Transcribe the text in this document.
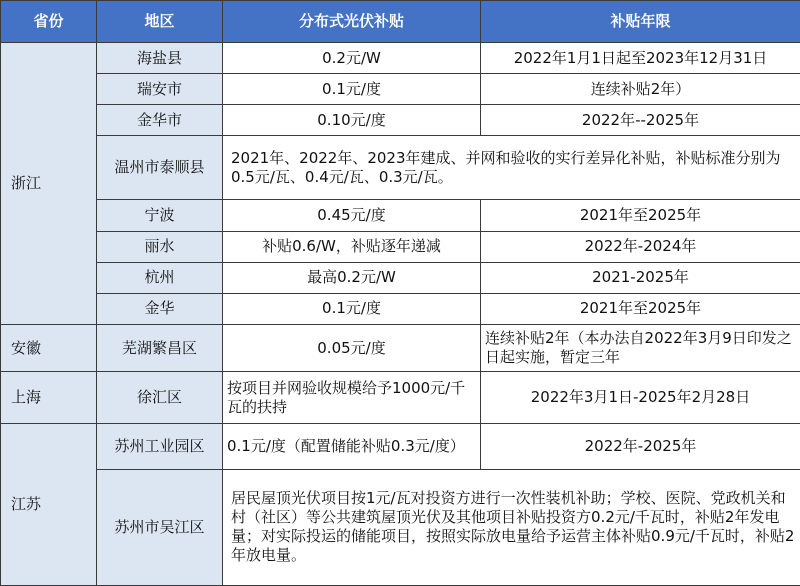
省份	地区	分布式光伏补贴	补贴年限
浙江	海盐县	0.2元/W	2022年1月1日起至2023年12月31日
	瑞安市	0.1元/度	连续补贴2年）
	金华市	0.10元/度	2022年--2025年
	温州市泰顺县	2021年、2022年、2023年建成、并网和验收的实行差异化补贴，补贴标准分别为0.5元/瓦、0.4元/瓦、0.3元/瓦。	
	宁波	0.45元/度	2021年至2025年
	丽水	补贴0.6/W，补贴逐年递减	2022年-2024年
	杭州	最高0.2元/W	2021-2025年
	金华	0.1元/度	2021年至2025年
安徽	芜湖繁昌区	0.05元/度	连续补贴2年（本办法自2022年3月9日印发之日起实施，暂定三年
上海	徐汇区	按项目并网验收规模给予1000元/千瓦的扶持	2022年3月1日-2025年2月28日
江苏	苏州工业园区	0.1元/度（配置储能补贴0.3元/度）	2022年-2025年
	苏州市吴江区	居民屋顶光伏项目按1元/瓦对投资方进行一次性装机补助；学校、医院、党政机关和村（社区）等公共建筑屋顶光伏及其他项目补贴投资方0.2元/千瓦时，补贴2年发电量；对实际投运的储能项目，按照实际放电量给予运营主体补贴0.9元/千瓦时，补贴2年放电量。	
